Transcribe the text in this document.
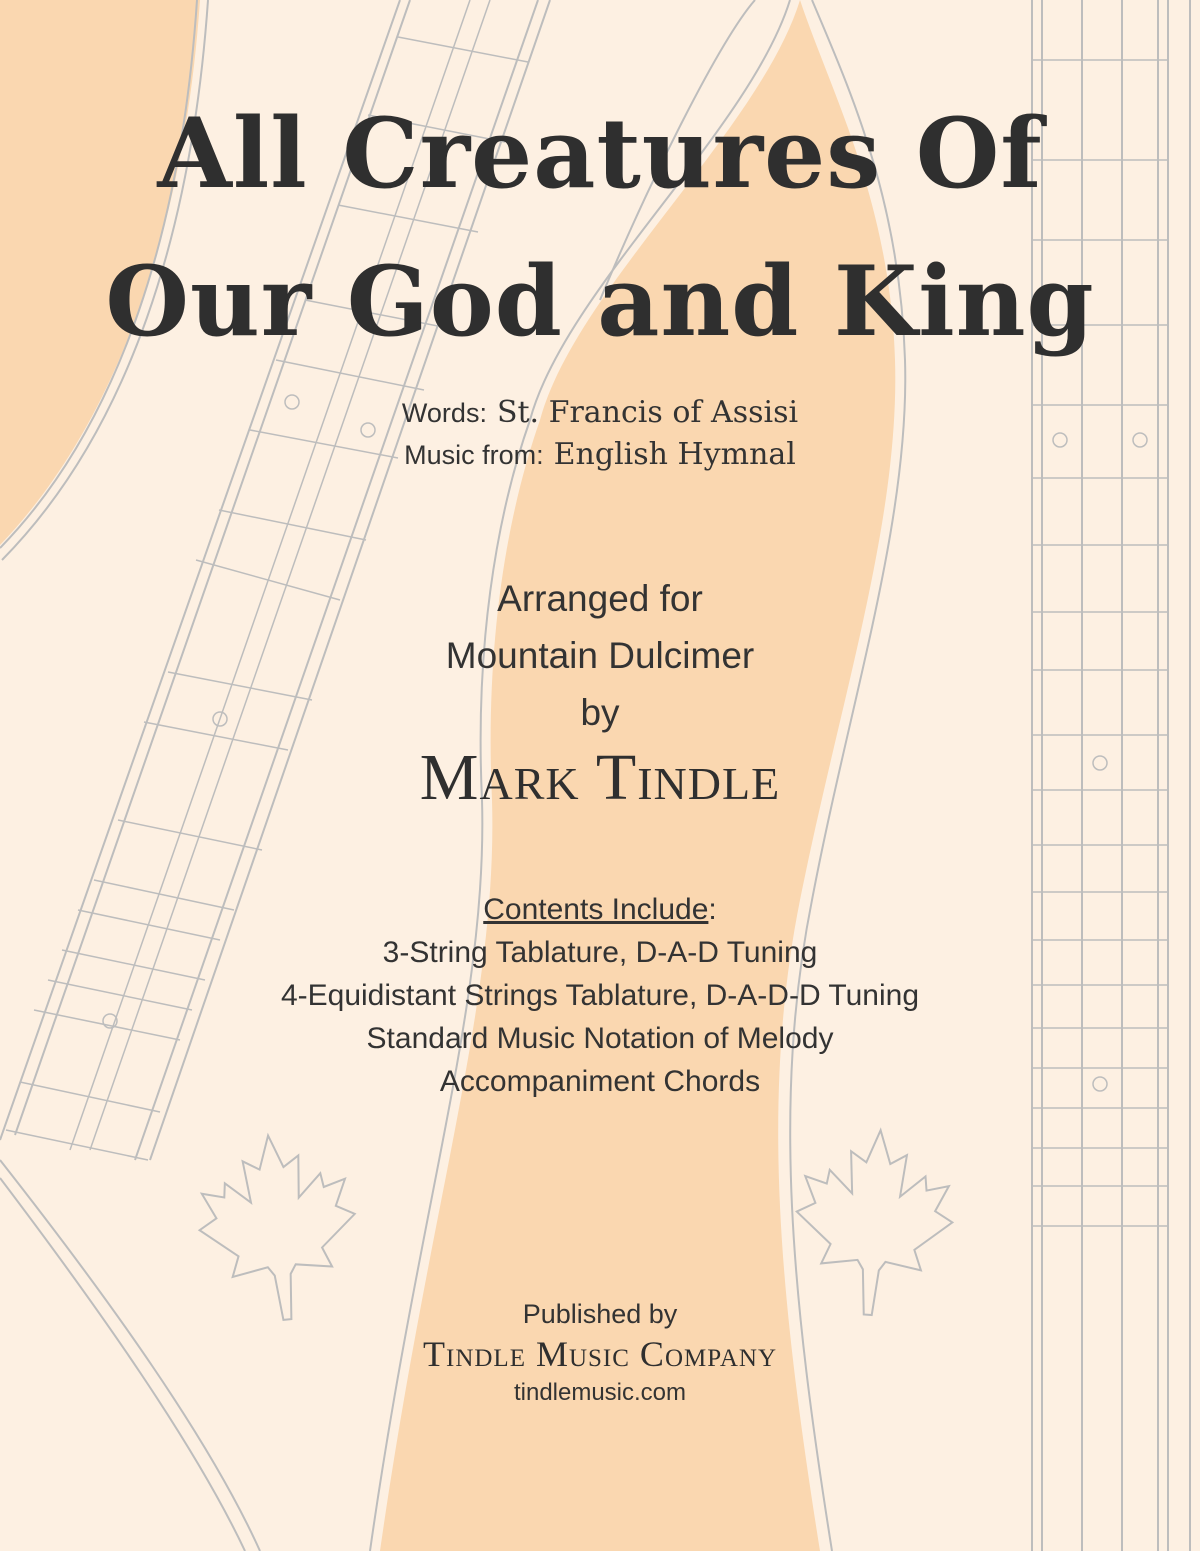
All Creatures Of
Our God and King
Words: St. Francis of Assisi
Music from: English Hymnal
Arranged for
Mountain Dulcimer
by
Mark Tindle
Contents Include:
3-String Tablature, D-A-D Tuning
4-Equidistant Strings Tablature, D-A-D-D Tuning
Standard Music Notation of Melody
Accompaniment Chords
Published by
Tindle Music Company
tindlemusic.com
